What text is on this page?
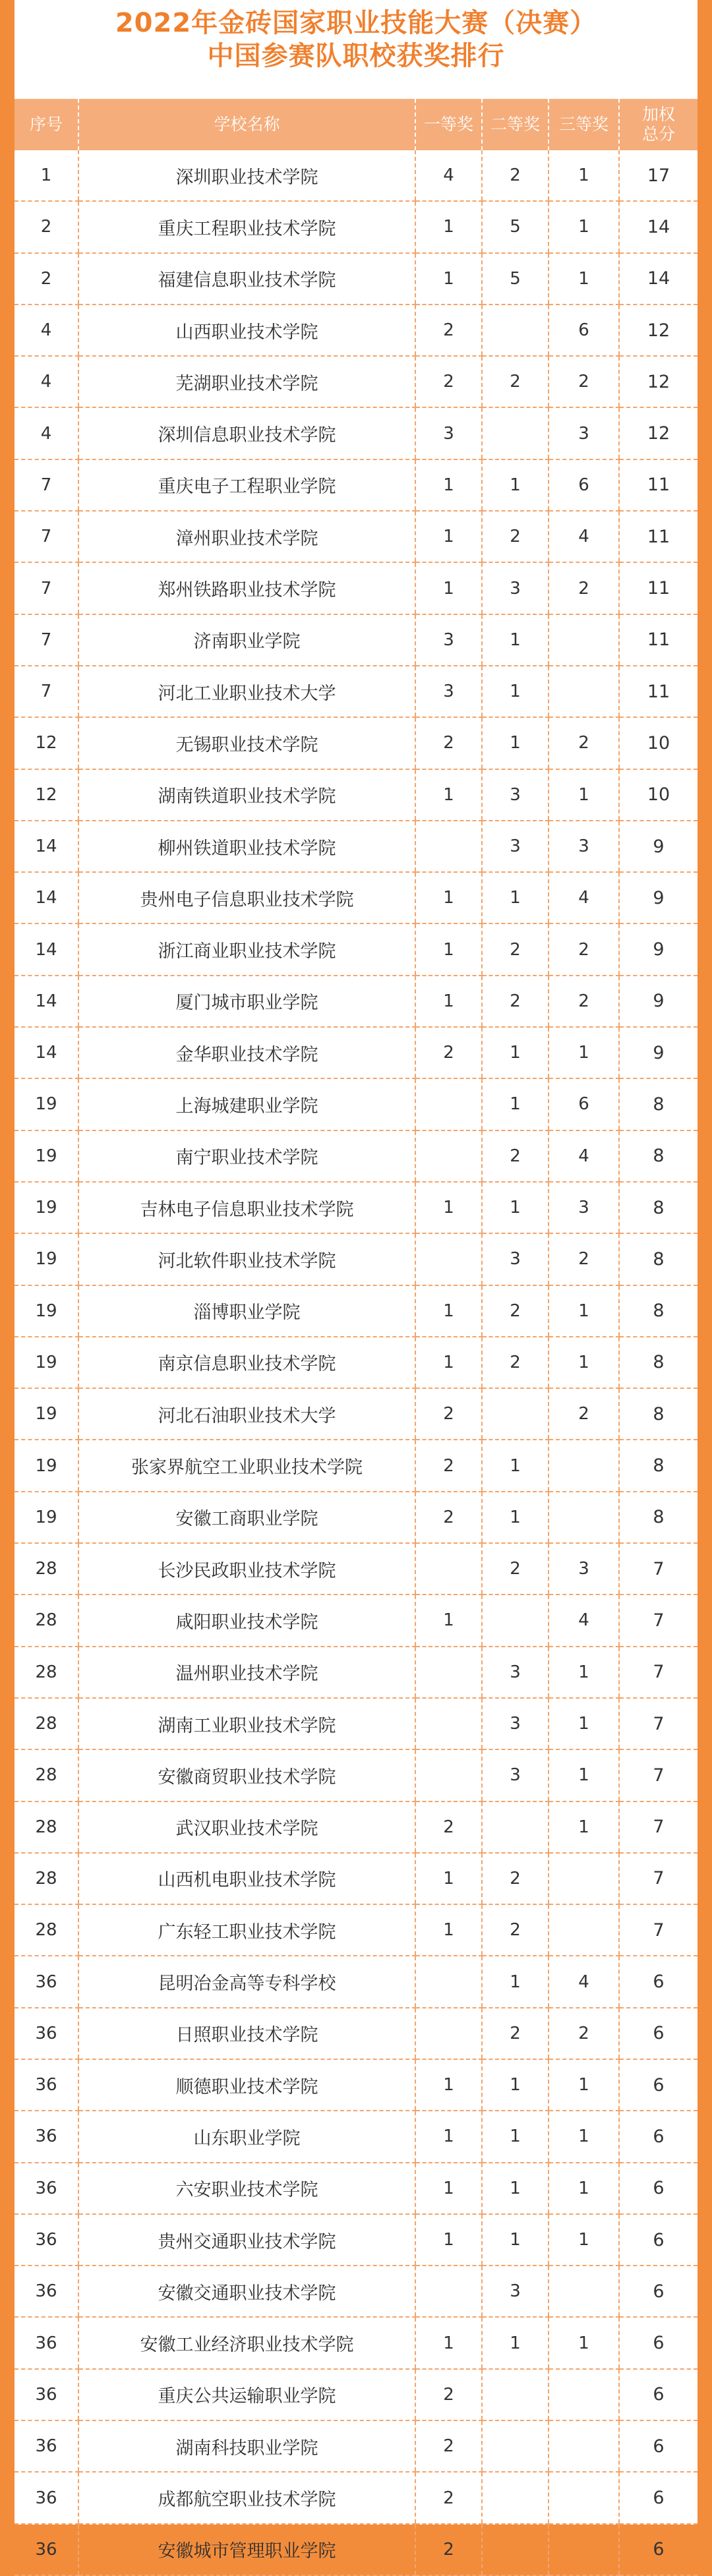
2022年金砖国家职业技能大赛（决赛）
中国参赛队职校获奖排行
序号	学校名称	一等奖	二等奖	三等奖	加权总分
1	深圳职业技术学院	4	2	1	17
2	重庆工程职业技术学院	1	5	1	14
2	福建信息职业技术学院	1	5	1	14
4	山西职业技术学院	2		6	12
4	芜湖职业技术学院	2	2	2	12
4	深圳信息职业技术学院	3		3	12
7	重庆电子工程职业学院	1	1	6	11
7	漳州职业技术学院	1	2	4	11
7	郑州铁路职业技术学院	1	3	2	11
7	济南职业学院	3	1		11
7	河北工业职业技术大学	3	1		11
12	无锡职业技术学院	2	1	2	10
12	湖南铁道职业技术学院	1	3	1	10
14	柳州铁道职业技术学院		3	3	9
14	贵州电子信息职业技术学院	1	1	4	9
14	浙江商业职业技术学院	1	2	2	9
14	厦门城市职业学院	1	2	2	9
14	金华职业技术学院	2	1	1	9
19	上海城建职业学院		1	6	8
19	南宁职业技术学院		2	4	8
19	吉林电子信息职业技术学院	1	1	3	8
19	河北软件职业技术学院		3	2	8
19	淄博职业学院	1	2	1	8
19	南京信息职业技术学院	1	2	1	8
19	河北石油职业技术大学	2		2	8
19	张家界航空工业职业技术学院	2	1		8
19	安徽工商职业学院	2	1		8
28	长沙民政职业技术学院		2	3	7
28	咸阳职业技术学院	1		4	7
28	温州职业技术学院		3	1	7
28	湖南工业职业技术学院		3	1	7
28	安徽商贸职业技术学院		3	1	7
28	武汉职业技术学院	2		1	7
28	山西机电职业技术学院	1	2		7
28	广东轻工职业技术学院	1	2		7
36	昆明冶金高等专科学校		1	4	6
36	日照职业技术学院		2	2	6
36	顺德职业技术学院	1	1	1	6
36	山东职业学院	1	1	1	6
36	六安职业技术学院	1	1	1	6
36	贵州交通职业技术学院	1	1	1	6
36	安徽交通职业技术学院		3		6
36	安徽工业经济职业技术学院	1	1	1	6
36	重庆公共运输职业学院	2			6
36	湖南科技职业学院	2			6
36	成都航空职业技术学院	2			6
36	安徽城市管理职业学院	2			6
